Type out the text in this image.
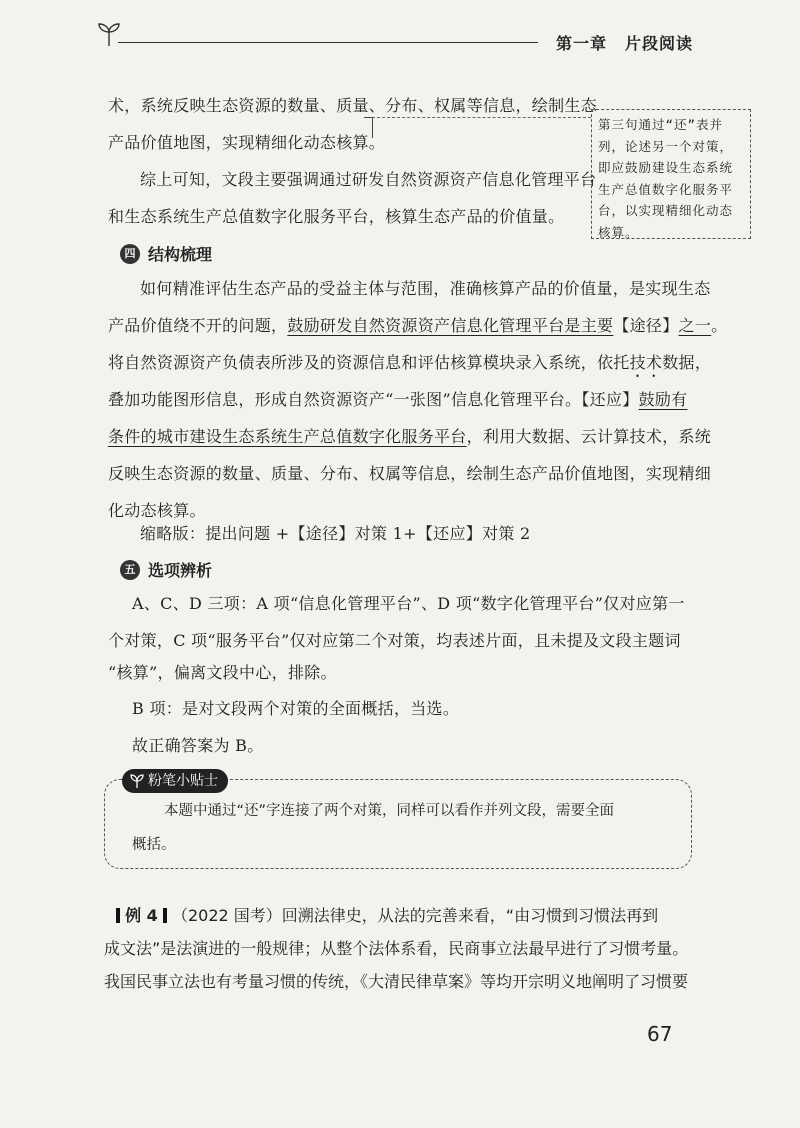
第一章 片段阅读
术，系统反映生态资源的数量、质量、分布、权属等信息，绘制生态
产品价值地图，实现精细化动态核算。
第三句通过“还”表并列，论述另一个对策，即应鼓励建设生态系统生产总值数字化服务平台，以实现精细化动态核算。
综上可知，文段主要强调通过研发自然资源资产信息化管理平台
和生态系统生产总值数字化服务平台，核算生态产品的价值量。
四 结构梳理
如何精准评估生态产品的受益主体与范围，准确核算产品的价值量，是实现生态
产品价值绕不开的问题，鼓励研发自然资源资产信息化管理平台是主要【途径】之一。
将自然资源资产负债表所涉及的资源信息和评估核算模块录入系统，依托技术数据，
叠加功能图形信息，形成自然资源资产“一张图”信息化管理平台。【还应】鼓励有
条件的城市建设生态系统生产总值数字化服务平台，利用大数据、云计算技术，系统
反映生态资源的数量、质量、分布、权属等信息，绘制生态产品价值地图，实现精细
化动态核算。
缩略版：提出问题 +【途径】对策 1+【还应】对策 2
五 选项辨析
A、C、D 三项：A 项“信息化管理平台”、D 项“数字化管理平台”仅对应第一
个对策，C 项“服务平台”仅对应第二个对策，均表述片面，且未提及文段主题词
“核算”，偏离文段中心，排除。
B 项：是对文段两个对策的全面概括，当选。
故正确答案为 B。
粉笔小贴士
本题中通过“还”字连接了两个对策，同样可以看作并列文段，需要全面
概括。
例 4 （2022 国考）回溯法律史，从法的完善来看，“由习惯到习惯法再到
成文法”是法演进的一般规律；从整个法体系看，民商事立法最早进行了习惯考量。
我国民事立法也有考量习惯的传统，《大清民律草案》等均开宗明义地阐明了习惯要
67
